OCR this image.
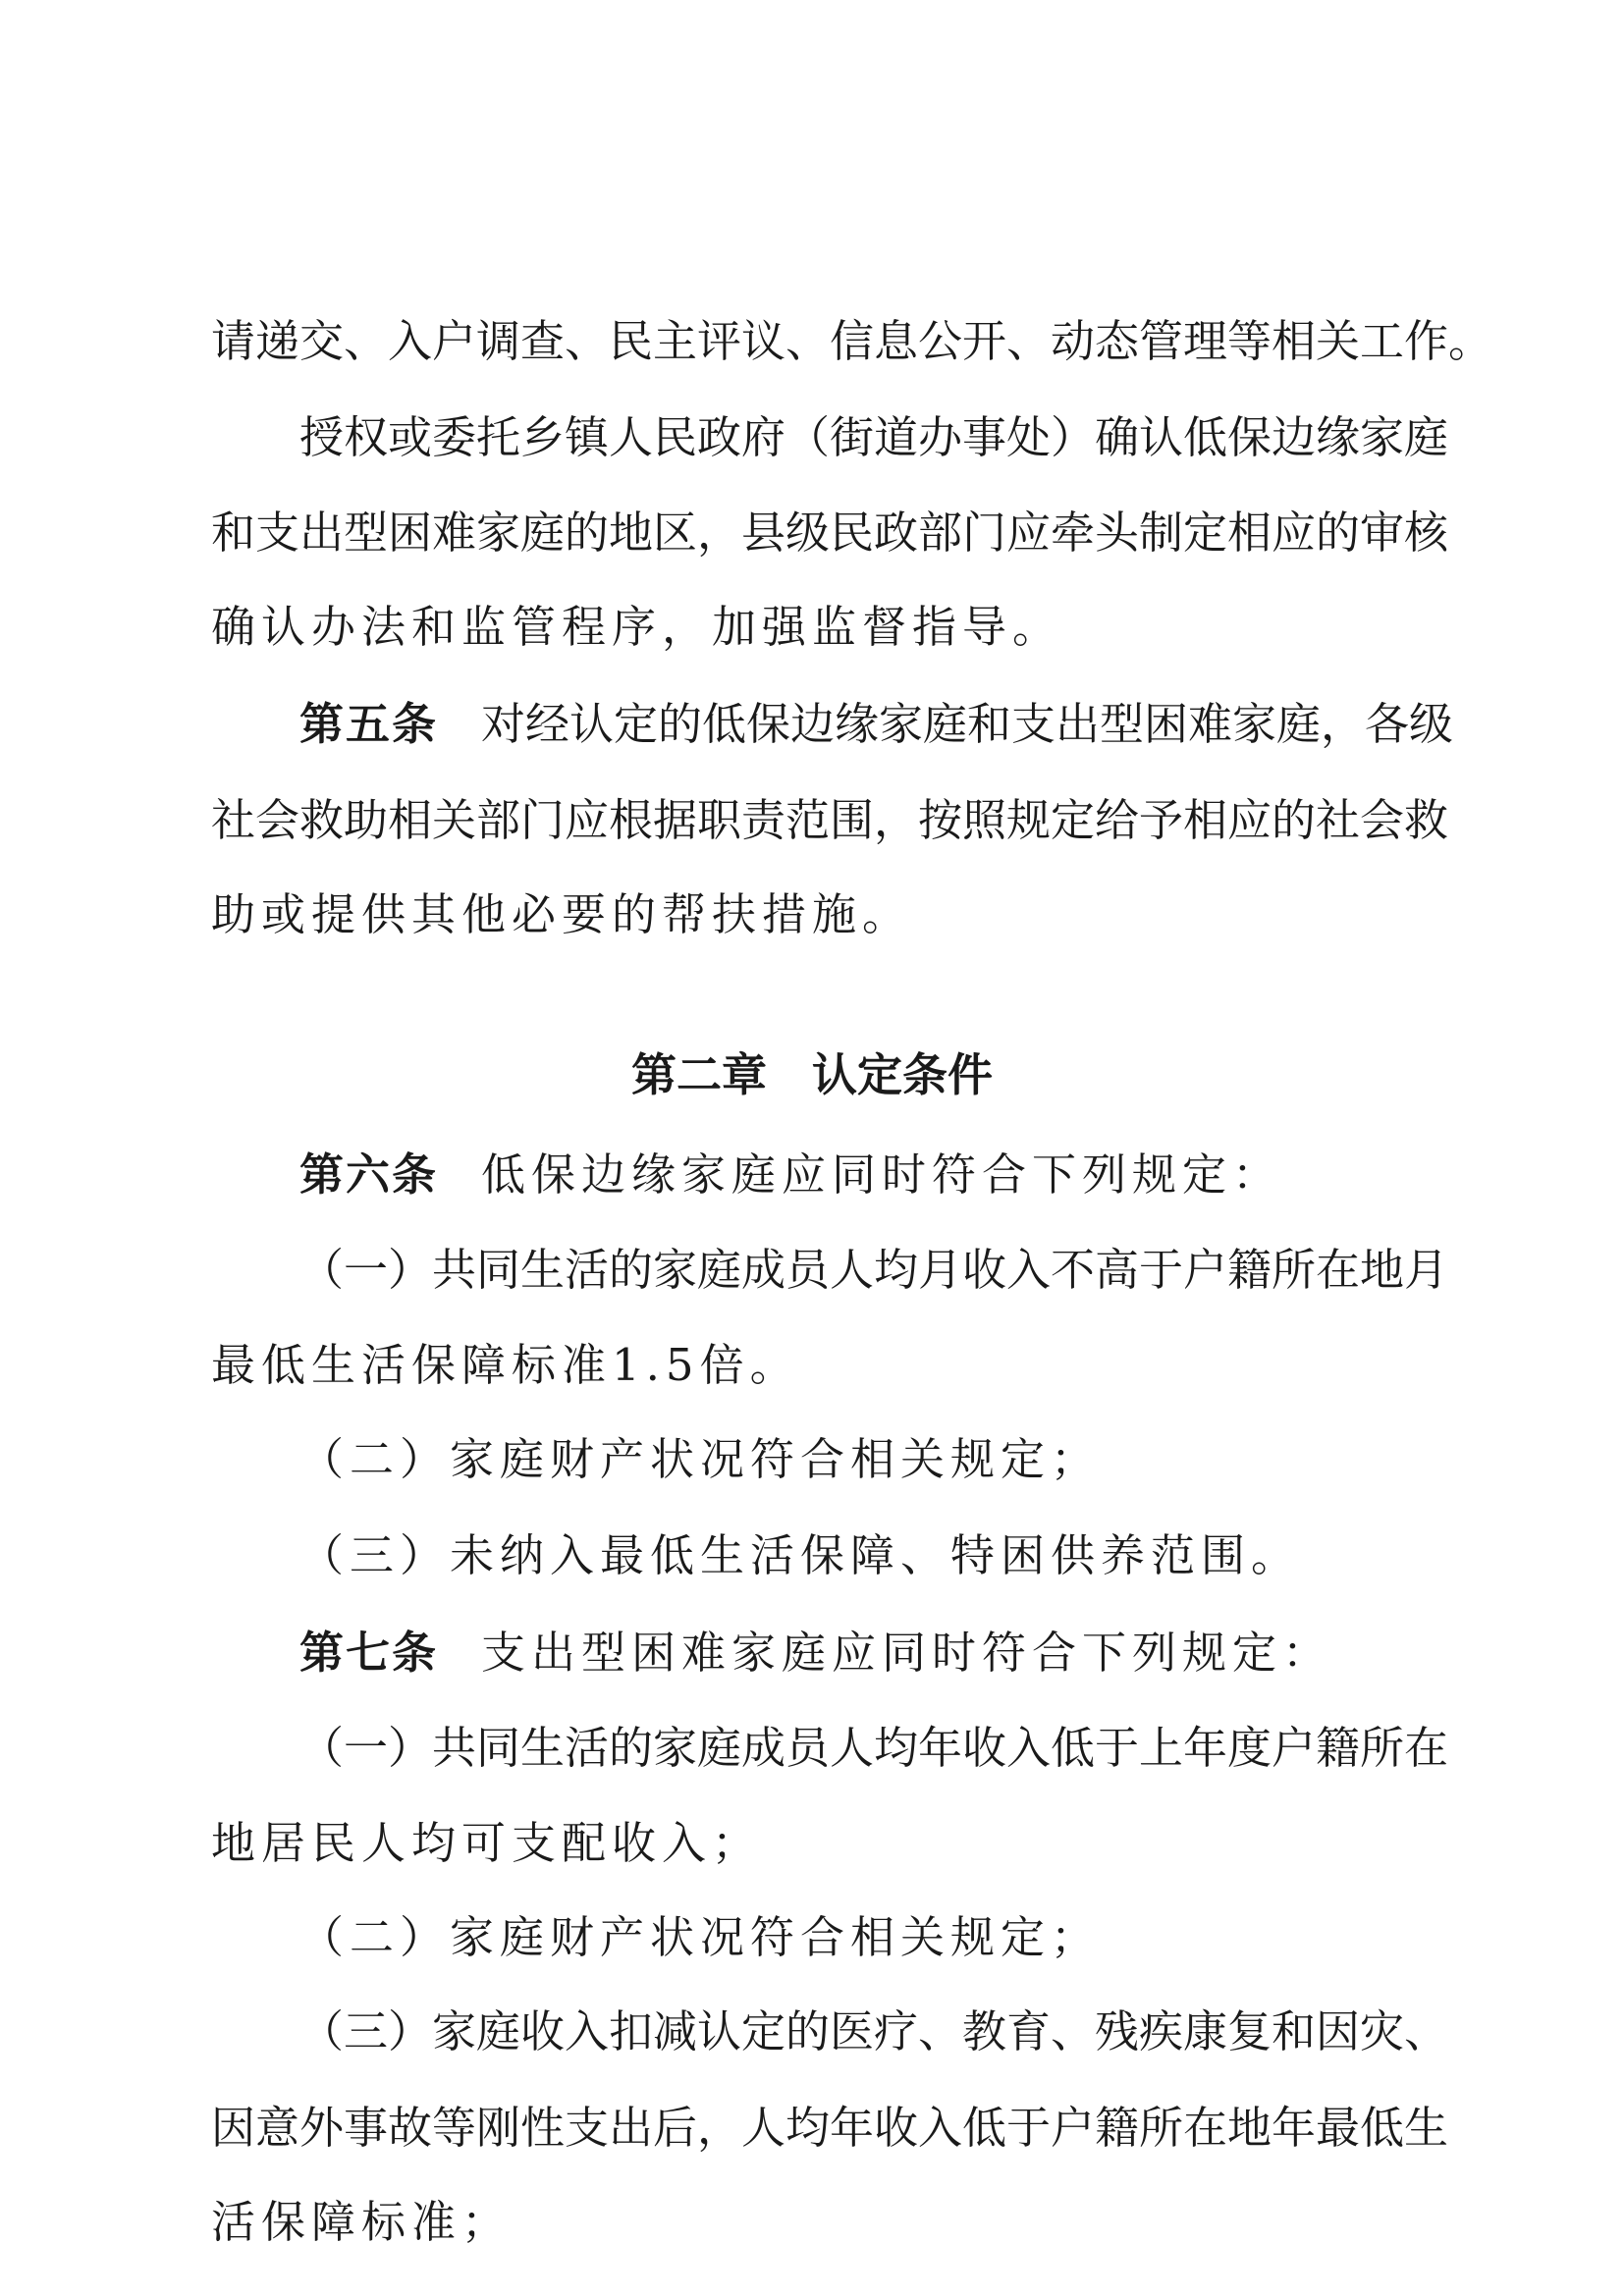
请递交、入户调查、民主评议、信息公开、动态管理等相关工作。
授权或委托乡镇人民政府（街道办事处）确认低保边缘家庭
和支出型困难家庭的地区，县级民政部门应牵头制定相应的审核
确认办法和监管程序，加强监督指导。
第五条 对经认定的低保边缘家庭和支出型困难家庭，各级
社会救助相关部门应根据职责范围，按照规定给予相应的社会救
助或提供其他必要的帮扶措施。
第二章　认定条件
第六条 低保边缘家庭应同时符合下列规定：
（一）共同生活的家庭成员人均月收入不高于户籍所在地月
最低生活保障标准1.5倍。
（二）家庭财产状况符合相关规定；
（三）未纳入最低生活保障、特困供养范围。
第七条 支出型困难家庭应同时符合下列规定：
（一）共同生活的家庭成员人均年收入低于上年度户籍所在
地居民人均可支配收入；
（二）家庭财产状况符合相关规定；
（三）家庭收入扣减认定的医疗、教育、残疾康复和因灾、
因意外事故等刚性支出后，人均年收入低于户籍所在地年最低生
活保障标准；
